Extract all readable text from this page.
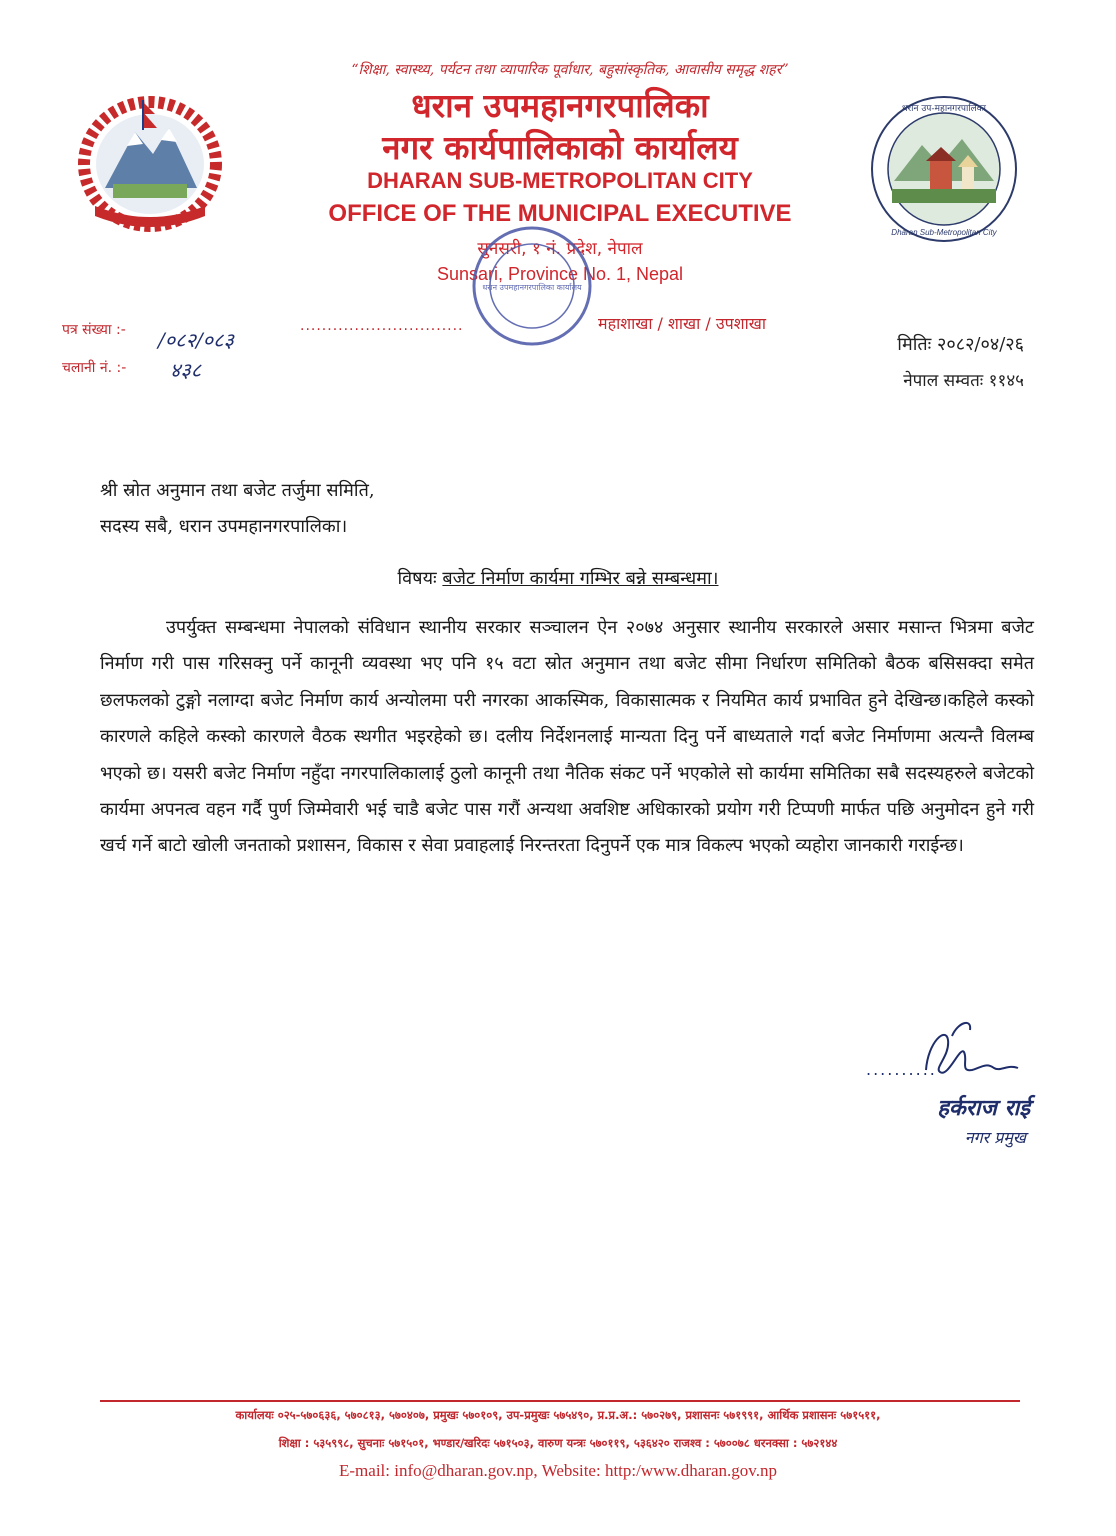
धरान उप-महानगरपालिका
Dharan Sub-Metropolitan City
“शिक्षा, स्वास्थ्य, पर्यटन तथा व्यापारिक पूर्वाधार, बहुसांस्कृतिक, आवासीय समृद्ध शहर”
धरान उपमहानगरपालिका
नगर कार्यपालिकाको कार्यालय
DHARAN SUB-METROPOLITAN CITY
OFFICE OF THE MUNICIPAL EXECUTIVE
सुनसरी, १ नं. प्रदेश, नेपाल
Sunsari, Province No. 1, Nepal
धरान उपमहानगरपालिका कार्यालय
पत्र संख्या :- /०८२/०८३
चलानी नं. :- ४३८
..............................	महाशाखा / शाखा / उपशाखा
मितिः २०८२/०४/२६
नेपाल सम्वतः ११४५
श्री स्रोत अनुमान तथा बजेट तर्जुमा समिति,
सदस्य सबै, धरान उपमहानगरपालिका।
विषयः बजेट निर्माण कार्यमा गम्भिर बन्ने सम्बन्धमा।
उपर्युक्त सम्बन्धमा नेपालको संविधान स्थानीय सरकार सञ्चालन ऐन २०७४ अनुसार स्थानीय सरकारले असार मसान्त भित्रमा बजेट निर्माण गरी पास गरिसक्नु पर्ने कानूनी व्यवस्था भए पनि १५ वटा स्रोत अनुमान तथा बजेट सीमा निर्धारण समितिको बैठक बसिसक्दा समेत छलफलको टुङ्गो नलाग्दा बजेट निर्माण कार्य अन्योलमा परी नगरका आकस्मिक, विकासात्मक र नियमित कार्य प्रभावित हुने देखिन्छ।कहिले कस्को कारणले कहिले कस्को कारणले वैठक स्थगीत भइरहेको छ। दलीय निर्देशनलाई मान्यता दिनु पर्ने बाध्यताले गर्दा बजेट निर्माणमा अत्यन्तै विलम्ब भएको छ। यसरी बजेट निर्माण नहुँदा नगरपालिकालाई ठुलो कानूनी तथा नैतिक संकट पर्ने भएकोले सो कार्यमा समितिका सबै सदस्यहरुले बजेटको कार्यमा अपनत्व वहन गर्दै पुर्ण जिम्मेवारी भई चाडै बजेट पास गरौं अन्यथा अवशिष्ट अधिकारको प्रयोग गरी टिप्पणी मार्फत पछि अनुमोदन हुने गरी खर्च गर्ने बाटो खोली जनताको प्रशासन, विकास र सेवा प्रवाहलाई निरन्तरता दिनुपर्ने एक मात्र विकल्प भएको व्यहोरा जानकारी गराईन्छ।
..........
हर्कराज राई
नगर प्रमुख
कार्यालयः ०२५-५७०६३६, ५७०८१३, ५७०४०७, प्रमुखः ५७०१०९, उप-प्रमुखः ५७५४९०, प्र.प्र.अ.: ५७०२७९, प्रशासनः ५७१९९१, आर्थिक प्रशासनः ५७१५११,
शिक्षा : ५३५९९८, सुचनाः ५७१५०१, भण्डार/खरिदः ५७१५०३, वारुण यन्त्रः ५७०११९, ५३६४२० राजश्व : ५७००७८ धरनक्सा : ५७२१४४
E-mail: info@dharan.gov.np, Website: http:/www.dharan.gov.np
